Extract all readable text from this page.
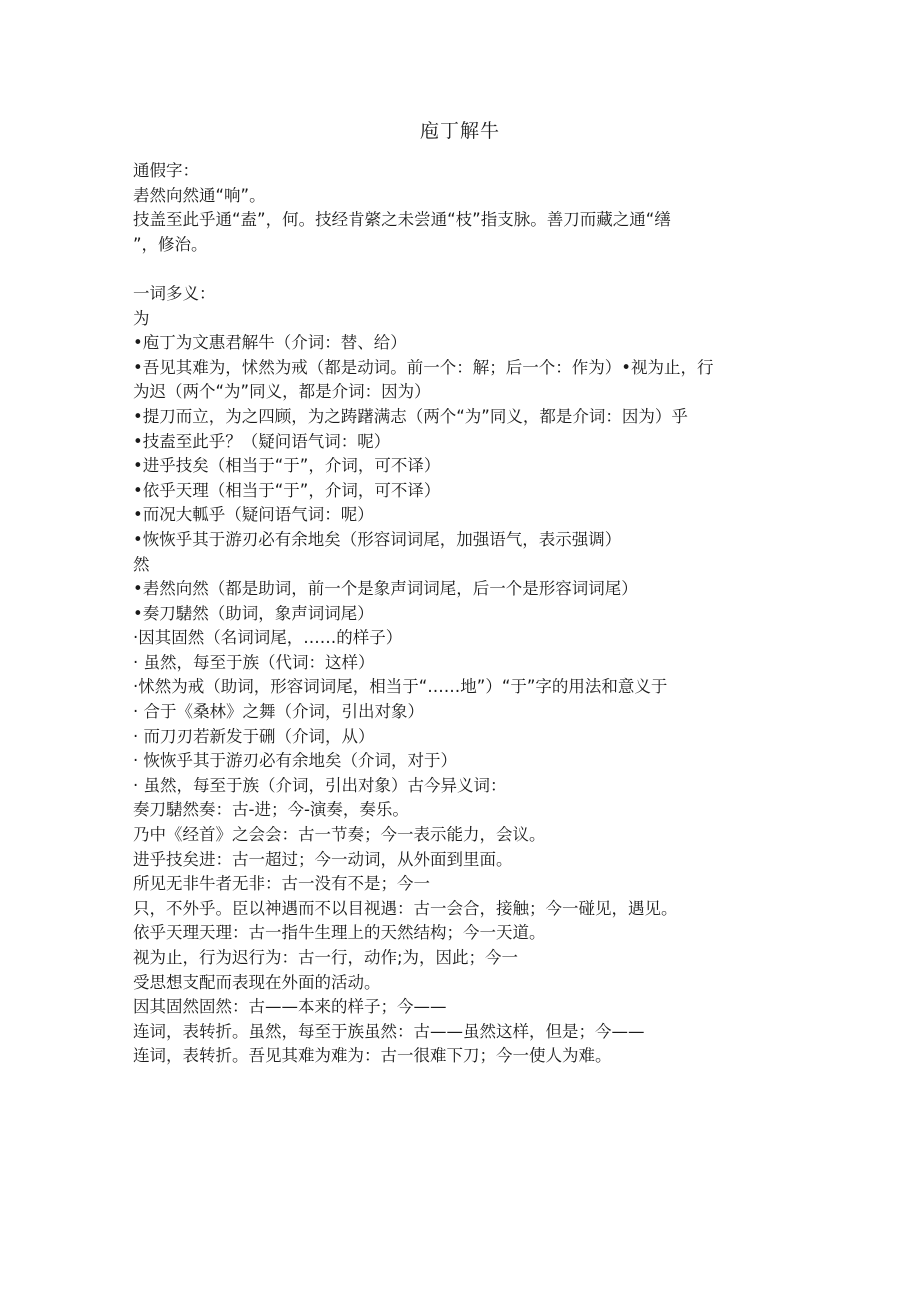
庖丁解牛
通假字：
砉然向然通“响”。
技盖至此乎通“盍”，何。技经肯綮之未尝通“枝”指支脉。善刀而藏之通“缮
”，修治。
一词多义：
为
•庖丁为文惠君解牛（介词：替、给）
•吾见其难为，怵然为戒（都是动词。前一个：解；后一个：作为）•视为止，行
为迟（两个“为”同义，都是介词：因为）
•提刀而立，为之四顾，为之踌躇满志（两个“为”同义，都是介词：因为）乎
•技盍至此乎？（疑问语气词：呢）
•进乎技矣（相当于“于”，介词，可不译）
•依乎天理（相当于“于”，介词，可不译）
•而况大軱乎（疑问语气词：呢）
•恢恢乎其于游刃必有余地矣（形容词词尾，加强语气，表示强调）
然
•砉然向然（都是助词，前一个是象声词词尾，后一个是形容词词尾）
•奏刀騞然（助词，象声词词尾）
·因其固然（名词词尾，……的样子）
· 虽然，每至于族（代词：这样）
·怵然为戒（助词，形容词词尾，相当于“……地”）“于”字的用法和意义于
· 合于《桑林》之舞（介词，引出对象）
· 而刀刃若新发于硎（介词，从）
· 恢恢乎其于游刃必有余地矣（介词，对于）
· 虽然，每至于族（介词，引出对象）古今异义词：
奏刀騞然奏：古-进；今-演奏，奏乐。
乃中《经首》之会会：古一节奏；今一表示能力，会议。
进乎技矣进：古一超过；今一动词，从外面到里面。
所见无非牛者无非：古一没有不是；今一
只，不外乎。臣以神遇而不以目视遇：古一会合，接触；今一碰见，遇见。
依乎天理天理：古一指牛生理上的天然结构；今一天道。
视为止，行为迟行为：古一行，动作;为，因此；今一
受思想支配而表现在外面的活动。
因其固然固然：古——本来的样子；今——
连词，表转折。虽然，每至于族虽然：古——虽然这样，但是；今——
连词，表转折。吾见其难为难为：古一很难下刀；今一使人为难。
